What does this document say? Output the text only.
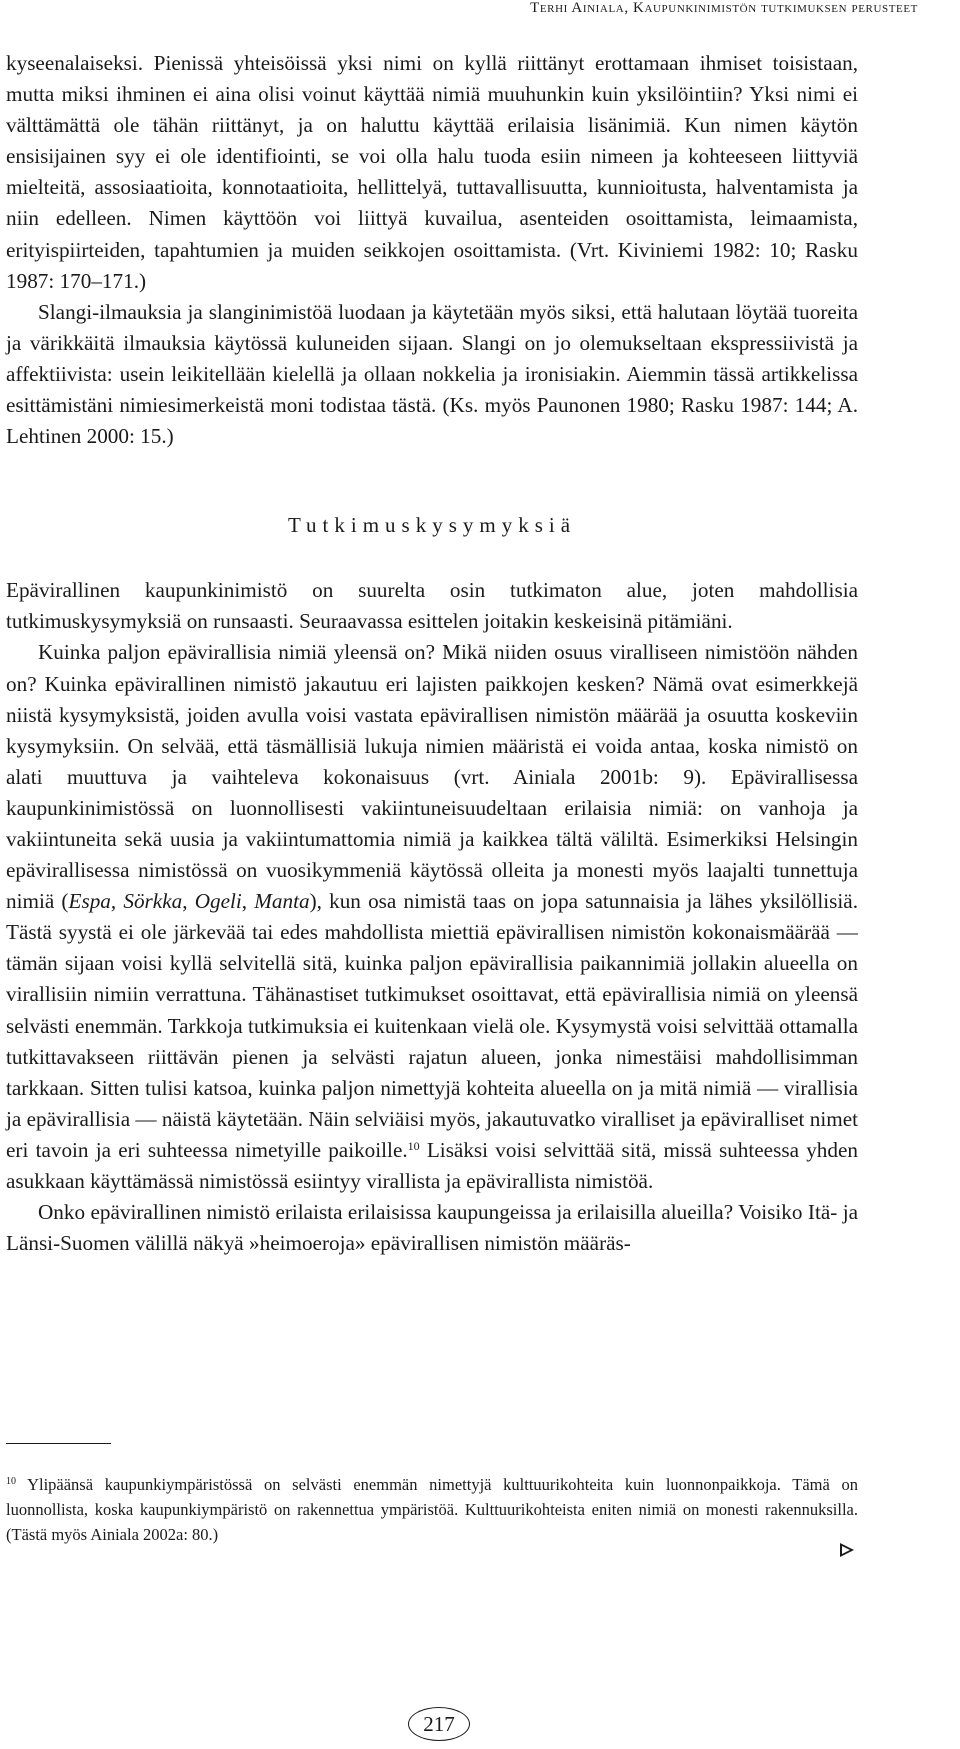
Terhi Ainiala, Kaupunkinimistön tutkimuksen perusteet

kyseenalaiseksi. Pienissä yhteisöissä yksi nimi on kyllä riittänyt erottamaan ihmiset toisistaan, mutta miksi ihminen ei aina olisi voinut käyttää nimiä muuhunkin kuin yksilöintiin? Yksi nimi ei välttämättä ole tähän riittänyt, ja on haluttu käyttää erilaisia lisänimiä. Kun nimen käytön ensisijainen syy ei ole identifiointi, se voi olla halu tuoda esiin nimeen ja kohteeseen liittyviä mielteitä, assosiaatioita, konnotaatioita, hellittelyä, tuttavallisuutta, kunnioitusta, halventamista ja niin edelleen. Nimen käyttöön voi liittyä kuvailua, asenteiden osoittamista, leimaamista, erityispiirteiden, tapahtumien ja muiden seikkojen osoittamista. (Vrt. Kiviniemi 1982: 10; Rasku 1987: 170–171.)

Slangi-ilmauksia ja slanginimistöä luodaan ja käytetään myös siksi, että halutaan löytää tuoreita ja värikkäitä ilmauksia käytössä kuluneiden sijaan. Slangi on jo olemukseltaan ekspressiivistä ja affektiivista: usein leikitellään kielellä ja ollaan nokkelia ja ironisiakin. Aiemmin tässä artikkelissa esittämistäni nimiesimerkeistä moni todistaa tästä. (Ks. myös Paunonen 1980; Rasku 1987: 144; A. Lehtinen 2000: 15.)

Tutkimuskysymyksiä

Epävirallinen kaupunkinimistö on suurelta osin tutkimaton alue, joten mahdollisia tutkimuskysymyksiä on runsaasti. Seuraavassa esittelen joitakin keskeisinä pitämiäni.

Kuinka paljon epävirallisia nimiä yleensä on? Mikä niiden osuus viralliseen nimistöön nähden on? Kuinka epävirallinen nimistö jakautuu eri lajisten paikkojen kesken? Nämä ovat esimerkkejä niistä kysymyksistä, joiden avulla voisi vastata epävirallisen nimistön määrää ja osuutta koskeviin kysymyksiin. On selvää, että täsmällisiä lukuja nimien määristä ei voida antaa, koska nimistö on alati muuttuva ja vaihteleva kokonaisuus (vrt. Ainiala 2001b: 9). Epävirallisessa kaupunkinimistössä on luonnollisesti vakiintuneisuudeltaan erilaisia nimiä: on vanhoja ja vakiintuneita sekä uusia ja vakiintumattomia nimiä ja kaikkea tältä väliltä. Esimerkiksi Helsingin epävirallisessa nimistössä on vuosikymmeniä käytössä olleita ja monesti myös laajalti tunnettuja nimiä (Espa, Sörkka, Ogeli, Manta), kun osa nimistä taas on jopa satunnaisia ja lähes yksilöllisiä. Tästä syystä ei ole järkevää tai edes mahdollista miettiä epävirallisen nimistön kokonaismäärää — tämän sijaan voisi kyllä selvitellä sitä, kuinka paljon epävirallisia paikannimiä jollakin alueella on virallisiin nimiin verrattuna. Tähänastiset tutkimukset osoittavat, että epävirallisia nimiä on yleensä selvästi enemmän. Tarkkoja tutkimuksia ei kuitenkaan vielä ole. Kysymystä voisi selvittää ottamalla tutkittavakseen riittävän pienen ja selvästi rajatun alueen, jonka nimestäisi mahdollisimman tarkkaan. Sitten tulisi katsoa, kuinka paljon nimettyjä kohteita alueella on ja mitä nimiä — virallisia ja epävirallisia — näistä käytetään. Näin selviäisi myös, jakautuvatko viralliset ja epäviralliset nimet eri tavoin ja eri suhteessa nimetyille paikoille.$^{10}$ Lisäksi voisi selvittää sitä, missä suhteessa yhden asukkaan käyttämässä nimistössä esiintyy virallista ja epävirallista nimistöä.

Onko epävirallinen nimistö erilaista erilaisissa kaupungeissa ja erilaisilla alueilla? Voisiko Itä- ja Länsi-Suomen välillä näkyä »heimoeroja» epävirallisen nimistön määräs-

$^{10}$ Ylipäänsä kaupunkiympäristössä on selvästi enemmän nimettyjä kulttuurikohteita kuin luonnonpaikkoja. Tämä on luonnollista, koska kaupunkiympäristö on rakennettua ympäristöä. Kulttuurikohteista eniten nimiä on monesti rakennuksilla. (Tästä myös Ainiala 2002a: 80.)
217
